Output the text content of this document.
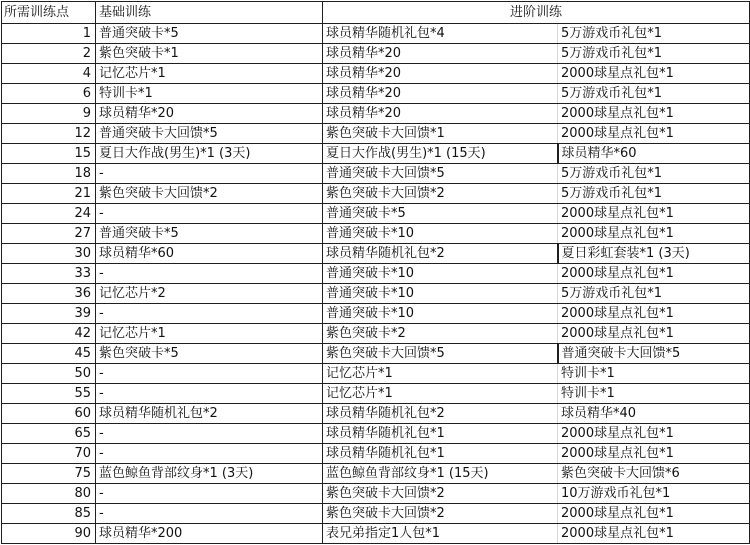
所需训练点	基础训练	进阶训练	
1	普通突破卡*5	球员精华随机礼包*4	5万游戏币礼包*1
2	紫色突破卡*1	球员精华*20	5万游戏币礼包*1
4	记忆芯片*1	球员精华*20	2000球星点礼包*1
6	特训卡*1	球员精华*20	5万游戏币礼包*1
9	球员精华*20	球员精华*20	2000球星点礼包*1
12	普通突破卡大回馈*5	紫色突破卡大回馈*1	2000球星点礼包*1
15	夏日大作战(男生)*1 (3天)	夏日大作战(男生)*1 (15天)	球员精华*60
18	-	普通突破卡大回馈*5	5万游戏币礼包*1
21	紫色突破卡大回馈*2	紫色突破卡大回馈*2	5万游戏币礼包*1
24	-	普通突破卡*5	2000球星点礼包*1
27	普通突破卡*5	普通突破卡*10	2000球星点礼包*1
30	球员精华*60	球员精华随机礼包*2	夏日彩虹套装*1 (3天)
33	-	普通突破卡*10	2000球星点礼包*1
36	记忆芯片*2	普通突破卡*10	5万游戏币礼包*1
39	-	普通突破卡*10	2000球星点礼包*1
42	记忆芯片*1	紫色突破卡*2	2000球星点礼包*1
45	紫色突破卡*5	紫色突破卡大回馈*5	普通突破卡大回馈*5
50	-	记忆芯片*1	特训卡*1
55	-	记忆芯片*1	特训卡*1
60	球员精华随机礼包*2	球员精华随机礼包*2	球员精华*40
65	-	球员精华随机礼包*1	2000球星点礼包*1
70	-	球员精华随机礼包*1	2000球星点礼包*1
75	蓝色鲸鱼背部纹身*1 (3天)	蓝色鲸鱼背部纹身*1 (15天)	紫色突破卡大回馈*6
80	-	紫色突破卡大回馈*2	10万游戏币礼包*1
85	-	紫色突破卡大回馈*2	2000球星点礼包*1
90	球员精华*200	表兄弟指定1人包*1	2000球星点礼包*1
